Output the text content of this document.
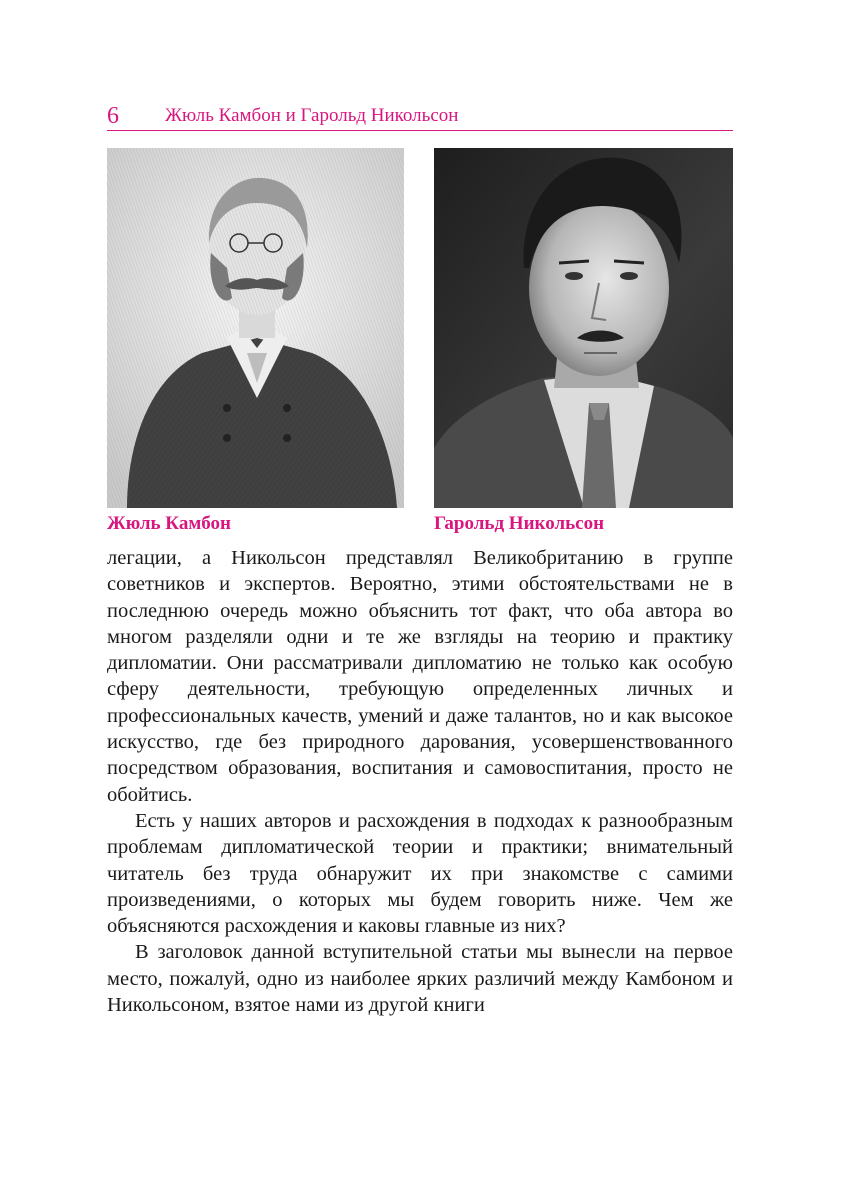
6 Жюль Камбон и Гарольд Никольсон
Жюль Камбон	Гарольд Никольсон

легации, а Никольсон представлял Великобританию в группе советников и экспертов. Вероятно, этими обстоятельствами не в последнюю очередь можно объяснить тот факт, что оба автора во многом разделяли одни и те же взгляды на теорию и практику дипломатии. Они рассматривали дипломатию не только как особую сферу деятельности, требующую определенных личных и профессиональных качеств, умений и даже талантов, но и как высокое искусство, где без природного дарования, усовершенствованного посредством образования, воспитания и самовоспитания, просто не обойтись.

Есть у наших авторов и расхождения в подходах к разнообразным проблемам дипломатической теории и практики; внимательный читатель без труда обнаружит их при знакомстве с самими произведениями, о которых мы будем говорить ниже. Чем же объясняются расхождения и каковы главные из них?

В заголовок данной вступительной статьи мы вынесли на первое место, пожалуй, одно из наиболее ярких различий между Камбоном и Никольсоном, взятое нами из другой книги
